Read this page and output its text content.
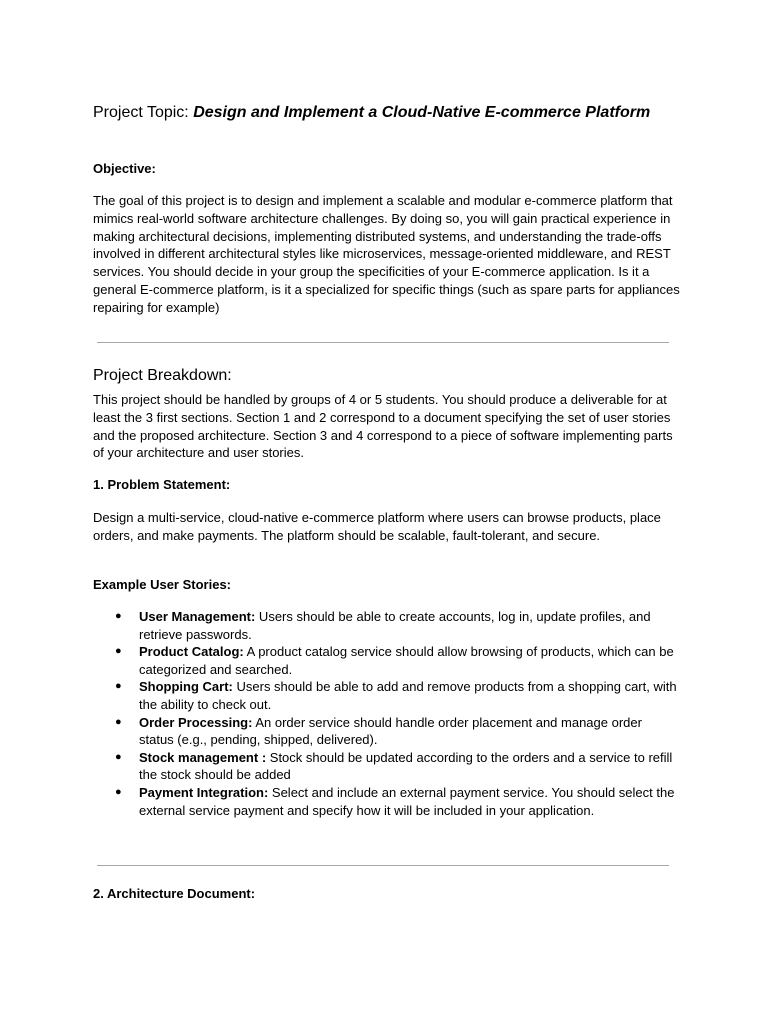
Project Topic: Design and Implement a Cloud-Native E-commerce Platform
Objective:
The goal of this project is to design and implement a scalable and modular e-commerce platform that mimics real-world software architecture challenges. By doing so, you will gain practical experience in making architectural decisions, implementing distributed systems, and understanding the trade-offs involved in different architectural styles like microservices, message-oriented middleware, and REST services. You should decide in your group the specificities of your E-commerce application. Is it a general E-commerce platform, is it a specialized for specific things (such as spare parts for appliances repairing for example)
Project Breakdown:
This project should be handled by groups of 4 or 5 students. You should produce a deliverable for at least the 3 first sections. Section 1 and 2 correspond to a document specifying the set of user stories and the proposed architecture. Section 3 and 4 correspond to a piece of software implementing parts of your architecture and user stories.
1. Problem Statement:
Design a multi-service, cloud-native e-commerce platform where users can browse products, place orders, and make payments. The platform should be scalable, fault-tolerant, and secure.
Example User Stories:
● User Management: Users should be able to create accounts, log in, update profiles, and retrieve passwords.
● Product Catalog: A product catalog service should allow browsing of products, which can be categorized and searched.
● Shopping Cart: Users should be able to add and remove products from a shopping cart, with the ability to check out.
● Order Processing: An order service should handle order placement and manage order status (e.g., pending, shipped, delivered).
● Stock management : Stock should be updated according to the orders and a service to refill the stock should be added
● Payment Integration: Select and include an external payment service. You should select the external service payment and specify how it will be included in your application.
2. Architecture Document:
